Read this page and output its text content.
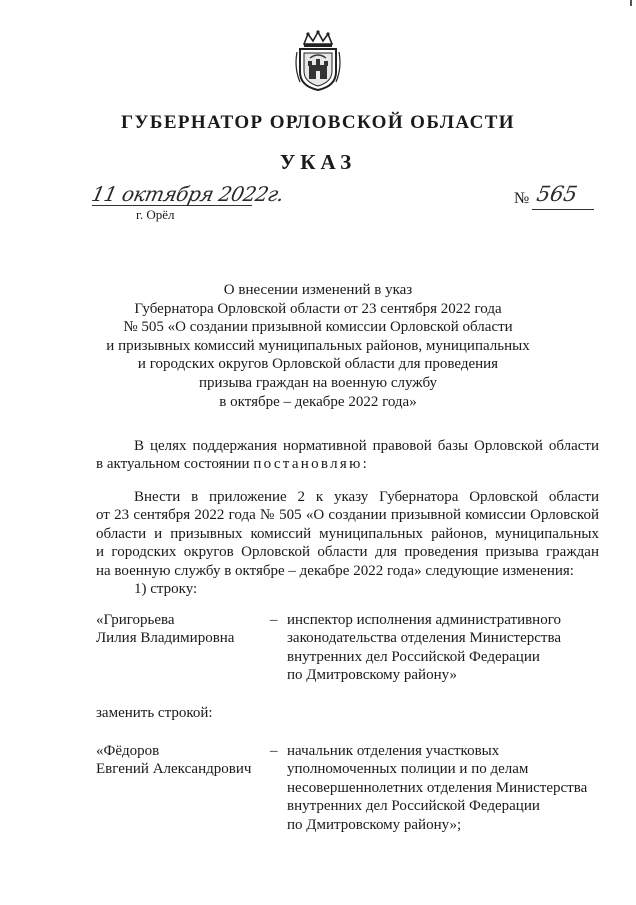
ГУБЕРНАТОР ОРЛОВСКОЙ ОБЛАСТИ
УКАЗ
11 октября 2022г.
г. Орёл
№ 565
О внесении изменений в указ
Губернатора Орловской области от 23 сентября 2022 года
№ 505 «О создании призывной комиссии Орловской области
и призывных комиссий муниципальных районов, муниципальных
и городских округов Орловской области для проведения
призыва граждан на военную службу
в октябре – декабре 2022 года»
В целях поддержания нормативной правовой базы Орловской области
в актуальном состоянии постановляю:
Внести в приложение 2 к указу Губернатора Орловской области
от 23 сентября 2022 года № 505 «О создании призывной комиссии Орловской
области и призывных комиссий муниципальных районов, муниципальных
и городских округов Орловской области для проведения призыва граждан
на военную службу в октябре – декабре 2022 года» следующие изменения:
1) строку:
«Григорьева
Лилия Владимировна
– инспектор исполнения административного
законодательства отделения Министерства
внутренних дел Российской Федерации
по Дмитровскому району»
заменить строкой:
«Фёдоров
Евгений Александрович
– начальник отделения участковых
уполномоченных полиции и по делам
несовершеннолетних отделения Министерства
внутренних дел Российской Федерации
по Дмитровскому району»;
